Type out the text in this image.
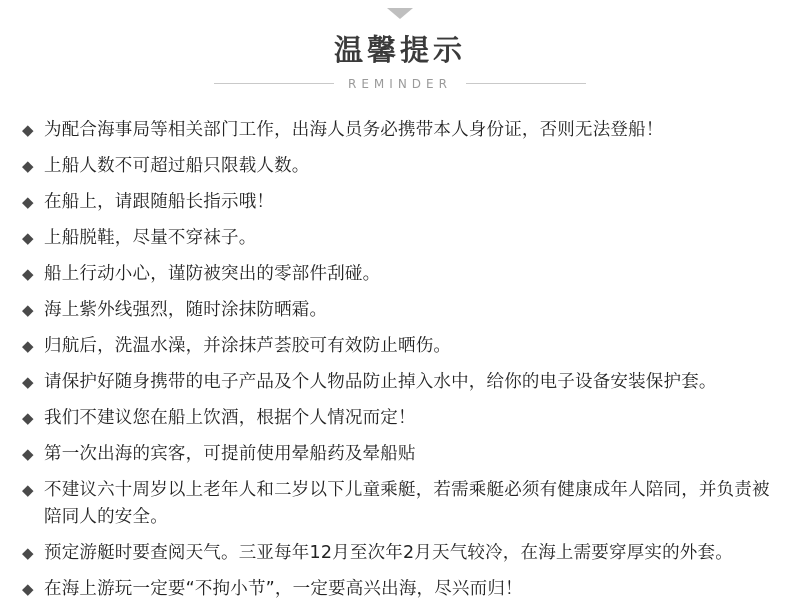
温馨提示
REMINDER
◆ 为配合海事局等相关部门工作，出海人员务必携带本人身份证，否则无法登船！
◆ 上船人数不可超过船只限载人数。
◆ 在船上，请跟随船长指示哦！
◆ 上船脱鞋，尽量不穿袜子。
◆ 船上行动小心，谨防被突出的零部件刮碰。
◆ 海上紫外线强烈，随时涂抹防晒霜。
◆ 归航后，洗温水澡，并涂抹芦荟胶可有效防止晒伤。
◆ 请保护好随身携带的电子产品及个人物品防止掉入水中，给你的电子设备安装保护套。
◆ 我们不建议您在船上饮酒，根据个人情况而定！
◆ 第一次出海的宾客，可提前使用晕船药及晕船贴
◆ 不建议六十周岁以上老年人和二岁以下儿童乘艇，若需乘艇必须有健康成年人陪同，并负责被陪同人的安全。
◆ 预定游艇时要查阅天气。三亚每年12月至次年2月天气较冷，在海上需要穿厚实的外套。
◆ 在海上游玩一定要“不拘小节”，一定要高兴出海，尽兴而归！
